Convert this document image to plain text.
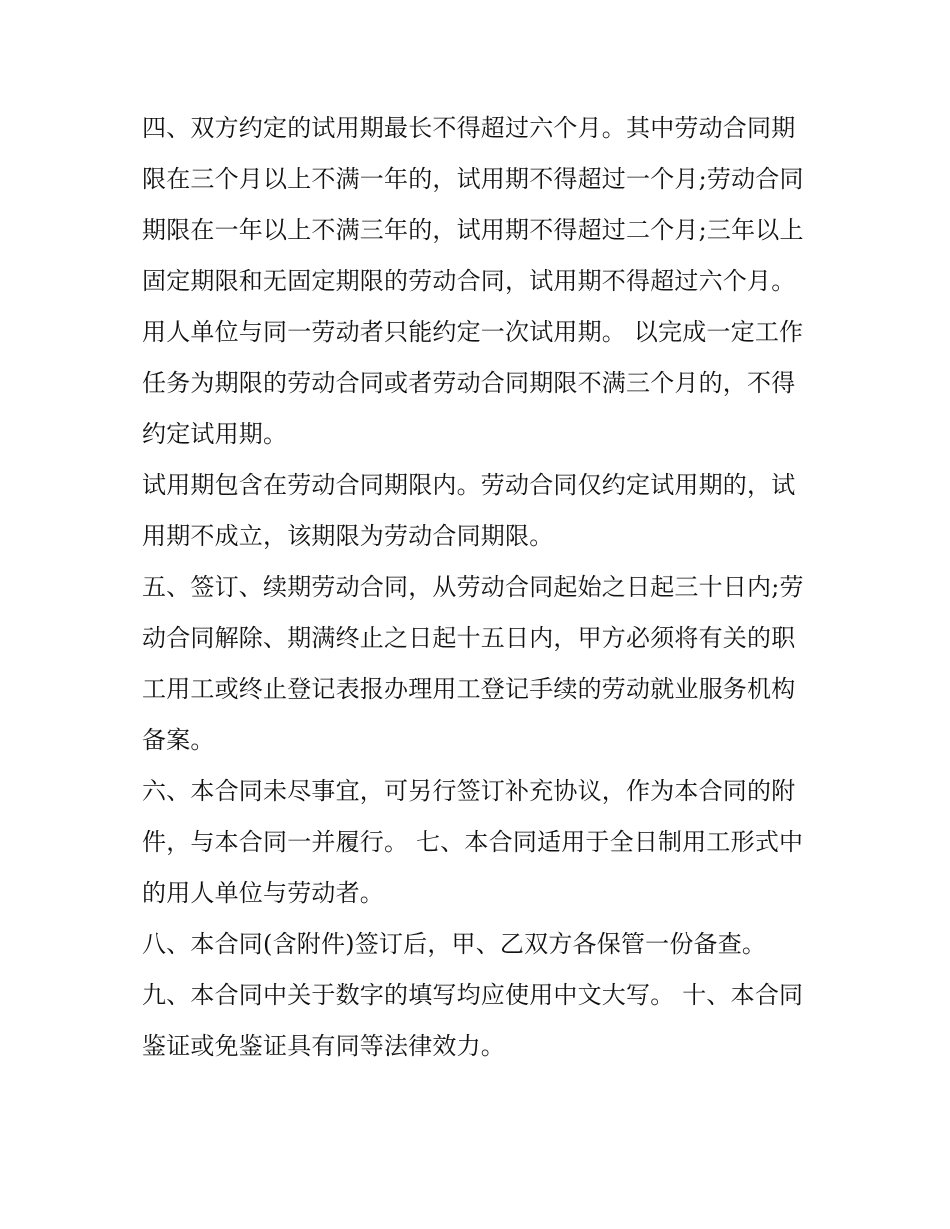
四、双方约定的试用期最长不得超过六个月。其中劳动合同期限在三个月以上不满一年的，试用期不得超过一个月;劳动合同期限在一年以上不满三年的，试用期不得超过二个月;三年以上固定期限和无固定期限的劳动合同，试用期不得超过六个月。

用人单位与同一劳动者只能约定一次试用期。 以完成一定工作任务为期限的劳动合同或者劳动合同期限不满三个月的，不得约定试用期。

试用期包含在劳动合同期限内。劳动合同仅约定试用期的，试用期不成立，该期限为劳动合同期限。

五、签订、续期劳动合同，从劳动合同起始之日起三十日内;劳动合同解除、期满终止之日起十五日内，甲方必须将有关的职工用工或终止登记表报办理用工登记手续的劳动就业服务机构备案。

六、本合同未尽事宜，可另行签订补充协议，作为本合同的附件，与本合同一并履行。 七、本合同适用于全日制用工形式中的用人单位与劳动者。

八、本合同(含附件)签订后，甲、乙双方各保管一份备查。

九、本合同中关于数字的填写均应使用中文大写。 十、本合同鉴证或免鉴证具有同等法律效力。
